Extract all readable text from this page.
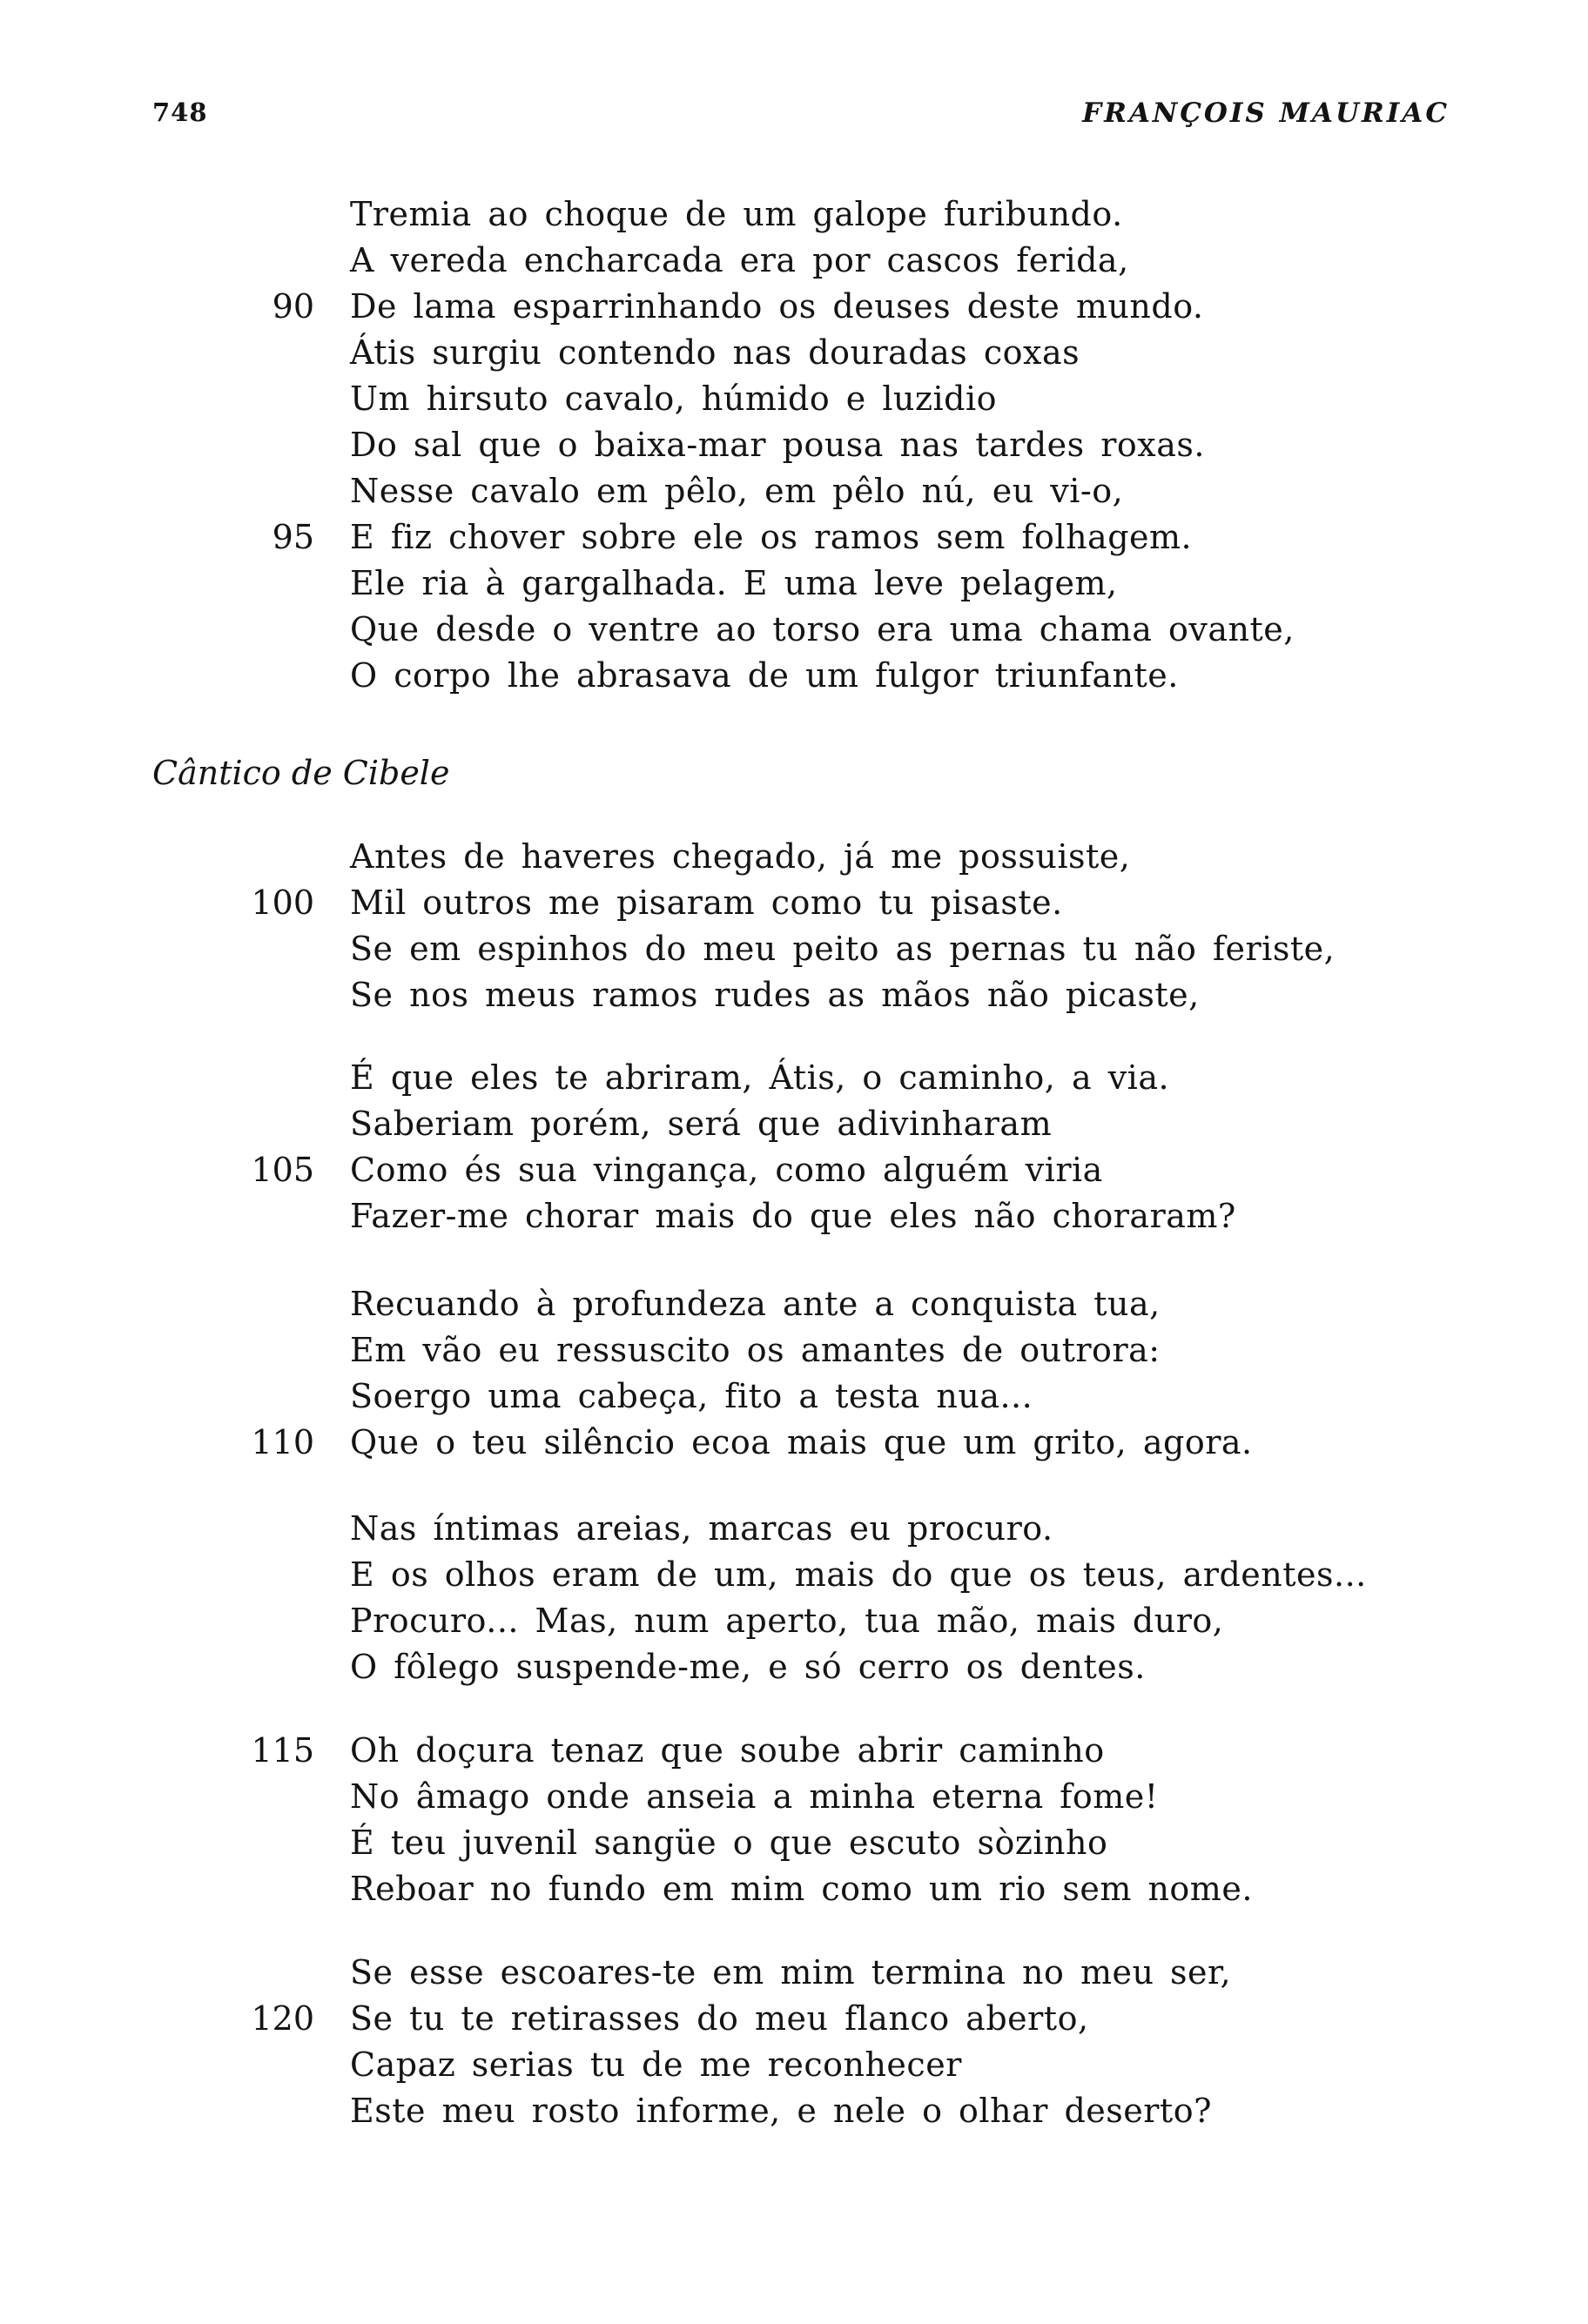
748	FRANÇOIS MAURIAC
Tremia ao choque de um galope furibundo.
A vereda encharcada era por cascos ferida,
90 De lama esparrinhando os deuses deste mundo.
Átis surgiu contendo nas douradas coxas
Um hirsuto cavalo, húmido e luzidio
Do sal que o baixa-mar pousa nas tardes roxas.
Nesse cavalo em pêlo, em pêlo nú, eu vi-o,
95 E fiz chover sobre ele os ramos sem folhagem.
Ele ria à gargalhada. E uma leve pelagem,
Que desde o ventre ao torso era uma chama ovante,
O corpo lhe abrasava de um fulgor triunfante.
Cântico de Cibele
Antes de haveres chegado, já me possuiste,
100 Mil outros me pisaram como tu pisaste.
Se em espinhos do meu peito as pernas tu não feriste,
Se nos meus ramos rudes as mãos não picaste,
É que eles te abriram, Átis, o caminho, a via.
Saberiam porém, será que adivinharam
105 Como és sua vingança, como alguém viria
Fazer-me chorar mais do que eles não choraram?
Recuando à profundeza ante a conquista tua,
Em vão eu ressuscito os amantes de outrora:
Soergo uma cabeça, fito a testa nua...
110 Que o teu silêncio ecoa mais que um grito, agora.
Nas íntimas areias, marcas eu procuro.
E os olhos eram de um, mais do que os teus, ardentes...
Procuro... Mas, num aperto, tua mão, mais duro,
O fôlego suspende-me, e só cerro os dentes.
115 Oh doçura tenaz que soube abrir caminho
No âmago onde anseia a minha eterna fome!
É teu juvenil sangüe o que escuto sòzinho
Reboar no fundo em mim como um rio sem nome.
Se esse escoares-te em mim termina no meu ser,
120 Se tu te retirasses do meu flanco aberto,
Capaz serias tu de me reconhecer
Este meu rosto informe, e nele o olhar deserto?
